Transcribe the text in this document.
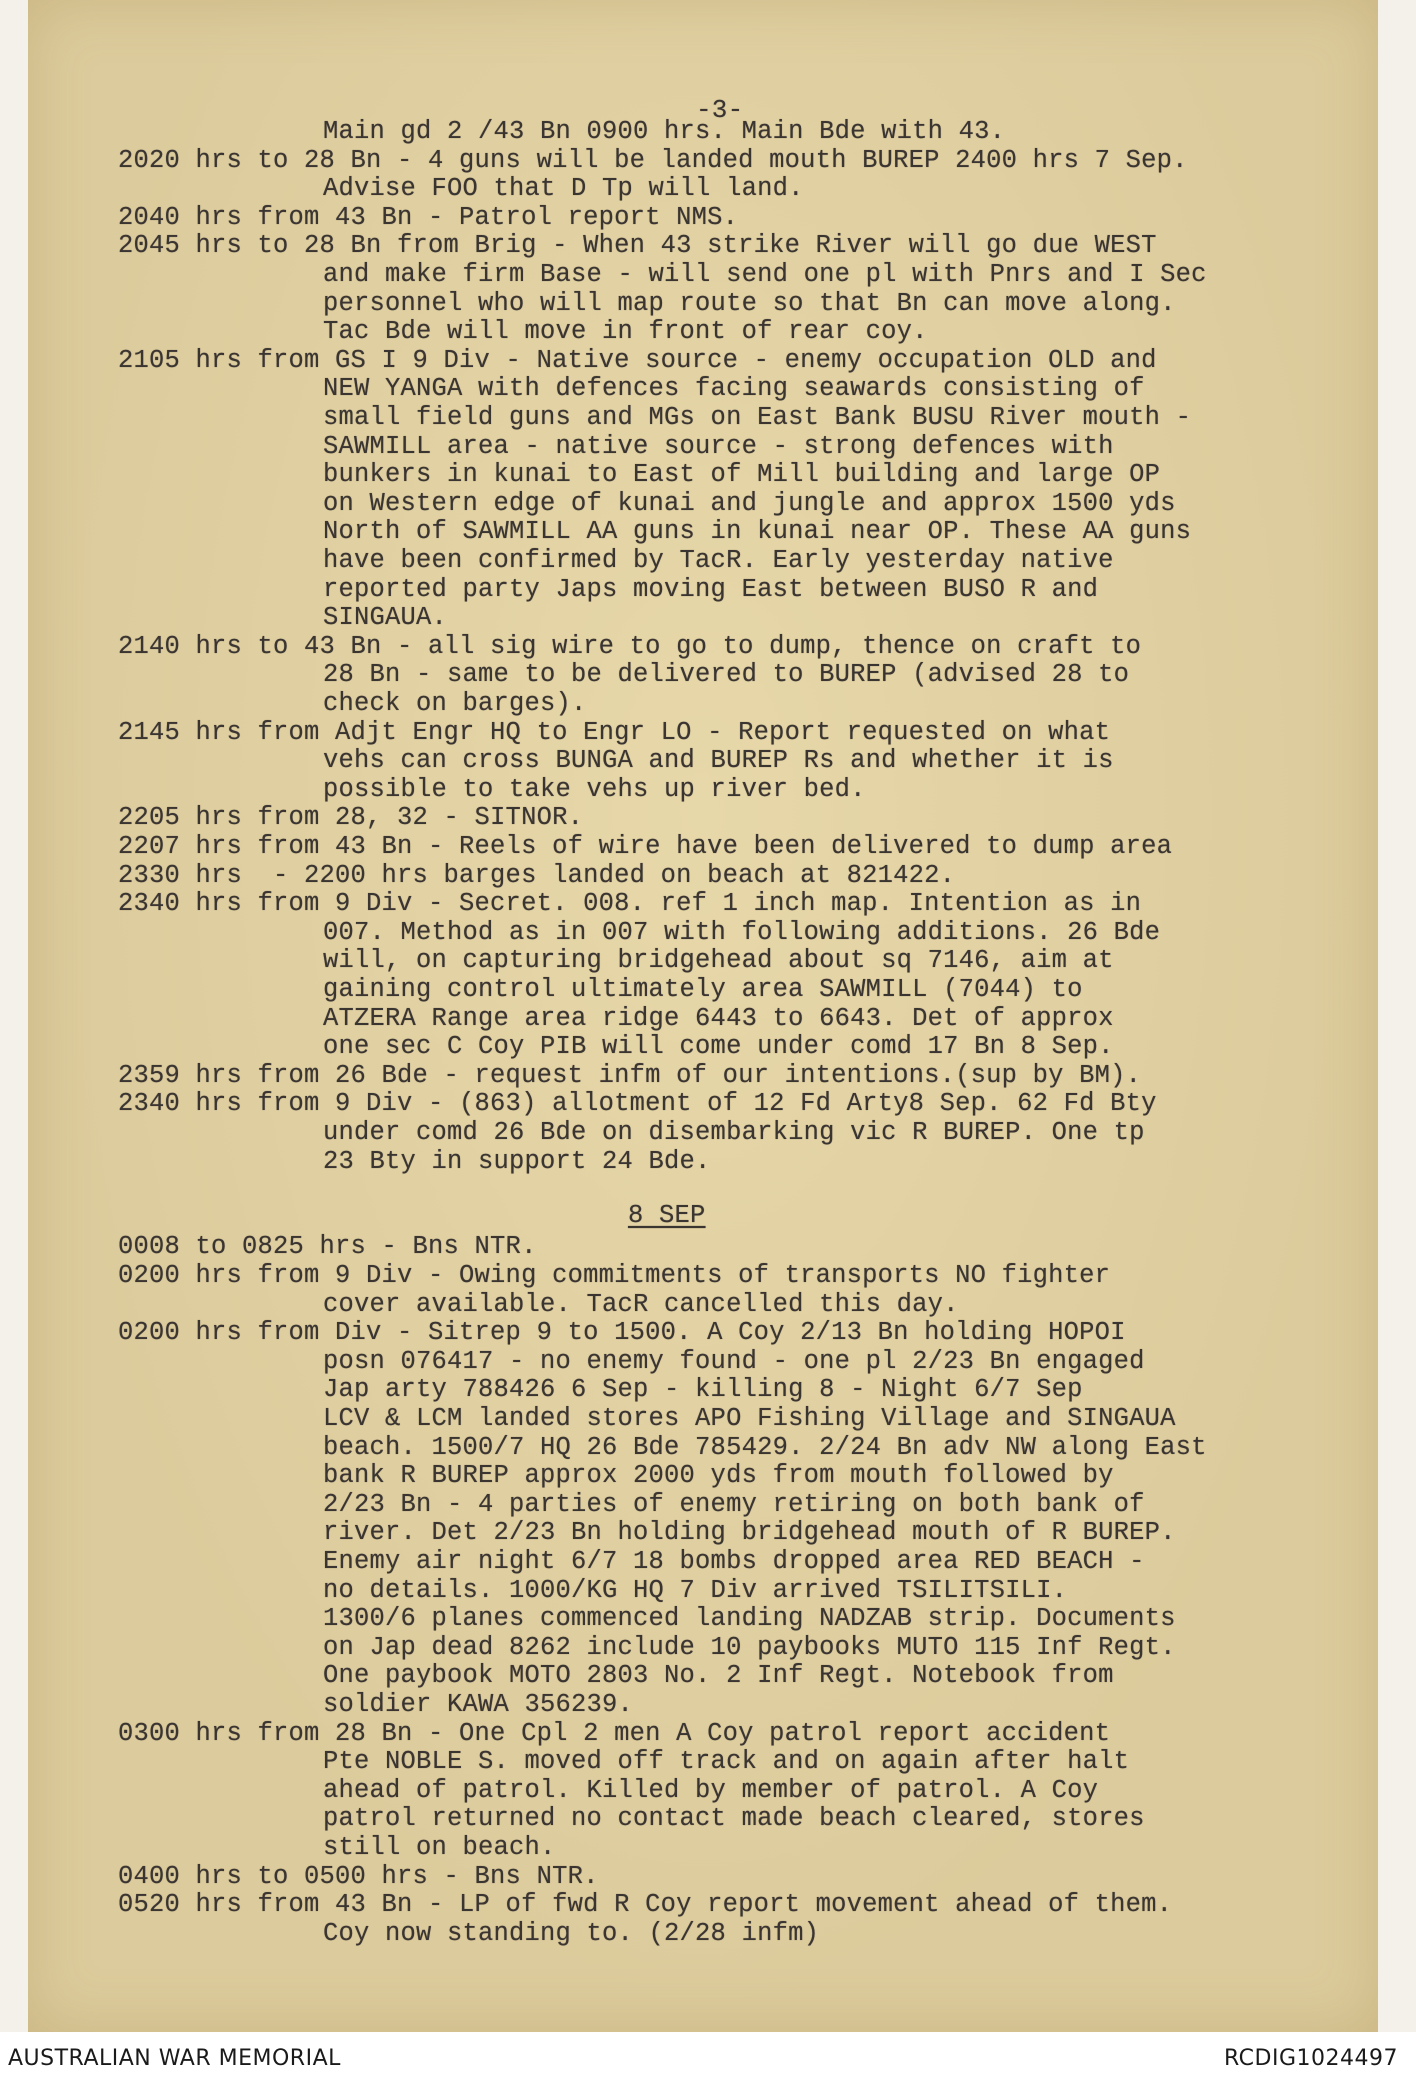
-3-
8 SEP
Main gd 2 /43 Bn 0900 hrs. Main Bde with 43.
2020 hrs to 28 Bn - 4 guns will be landed mouth BUREP 2400 hrs 7 Sep.
Advise FOO that D Tp will land.
2040 hrs from 43 Bn - Patrol report NMS.
2045 hrs to 28 Bn from Brig - When 43 strike River will go due WEST
and make firm Base - will send one pl with Pnrs and I Sec
personnel who will map route so that Bn can move along.
Tac Bde will move in front of rear coy.
2105 hrs from GS I 9 Div - Native source - enemy occupation OLD and
NEW YANGA with defences facing seawards consisting of
small field guns and MGs on East Bank BUSU River mouth -
SAWMILL area - native source - strong defences with
bunkers in kunai to East of Mill building and large OP
on Western edge of kunai and jungle and approx 1500 yds
North of SAWMILL AA guns in kunai near OP. These AA guns
have been confirmed by TacR. Early yesterday native
reported party Japs moving East between BUSO R and
SINGAUA.
2140 hrs to 43 Bn - all sig wire to go to dump, thence on craft to
28 Bn - same to be delivered to BUREP (advised 28 to
check on barges).
2145 hrs from Adjt Engr HQ to Engr LO - Report requested on what
vehs can cross BUNGA and BUREP Rs and whether it is
possible to take vehs up river bed.
2205 hrs from 28, 32 - SITNOR.
2207 hrs from 43 Bn - Reels of wire have been delivered to dump area
2330 hrs  - 2200 hrs barges landed on beach at 821422.
2340 hrs from 9 Div - Secret. 008. ref 1 inch map. Intention as in
007. Method as in 007 with following additions. 26 Bde
will, on capturing bridgehead about sq 7146, aim at
gaining control ultimately area SAWMILL (7044) to
ATZERA Range area ridge 6443 to 6643. Det of approx
one sec C Coy PIB will come under comd 17 Bn 8 Sep.
2359 hrs from 26 Bde - request infm of our intentions.(sup by BM).
2340 hrs from 9 Div - (863) allotment of 12 Fd Arty8 Sep. 62 Fd Bty
under comd 26 Bde on disembarking vic R BUREP. One tp
23 Bty in support 24 Bde.
0008 to 0825 hrs - Bns NTR.
0200 hrs from 9 Div - Owing commitments of transports NO fighter
cover available. TacR cancelled this day.
0200 hrs from Div - Sitrep 9 to 1500. A Coy 2/13 Bn holding HOPOI
posn 076417 - no enemy found - one pl 2/23 Bn engaged
Jap arty 788426 6 Sep - killing 8 - Night 6/7 Sep
LCV & LCM landed stores APO Fishing Village and SINGAUA
beach. 1500/7 HQ 26 Bde 785429. 2/24 Bn adv NW along East
bank R BUREP approx 2000 yds from mouth followed by
2/23 Bn - 4 parties of enemy retiring on both bank of
river. Det 2/23 Bn holding bridgehead mouth of R BUREP.
Enemy air night 6/7 18 bombs dropped area RED BEACH -
no details. 1000/KG HQ 7 Div arrived TSILITSILI.
1300/6 planes commenced landing NADZAB strip. Documents
on Jap dead 8262 include 10 paybooks MUTO 115 Inf Regt.
One paybook MOTO 2803 No. 2 Inf Regt. Notebook from
soldier KAWA 356239.
0300 hrs from 28 Bn - One Cpl 2 men A Coy patrol report accident
Pte NOBLE S. moved off track and on again after halt
ahead of patrol. Killed by member of patrol. A Coy
patrol returned no contact made beach cleared, stores
still on beach.
0400 hrs to 0500 hrs - Bns NTR.
0520 hrs from 43 Bn - LP of fwd R Coy report movement ahead of them.
Coy now standing to. (2/28 infm)
AUSTRALIAN WAR MEMORIAL	RCDIG1024497
